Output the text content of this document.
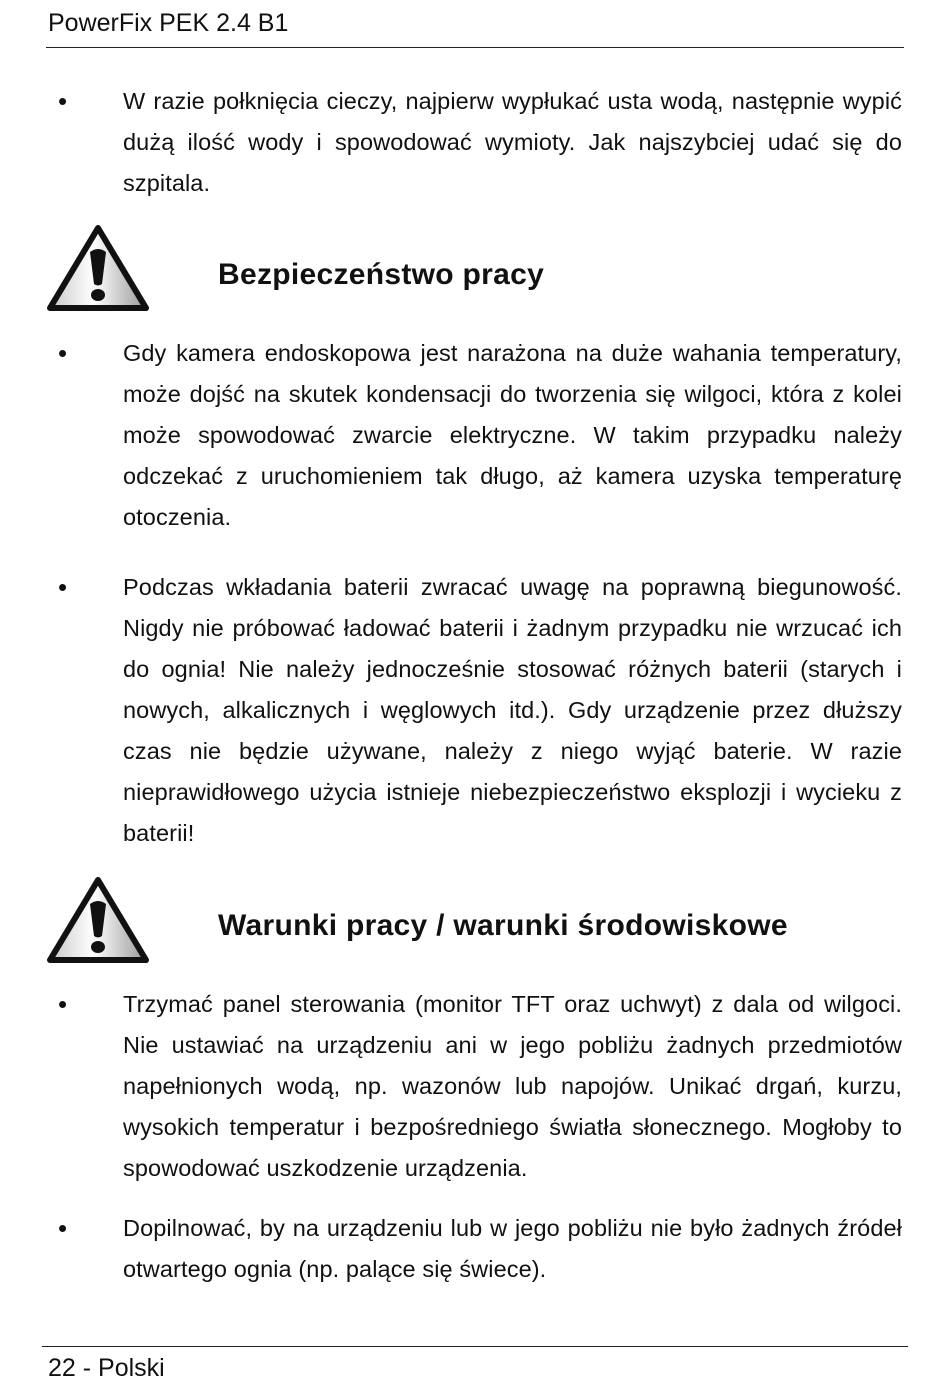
PowerFix PEK 2.4 B1
• W razie połknięcia cieczy, najpierw wypłukać usta wodą, następnie wypić dużą ilość wody i spowodować wymioty. Jak najszybciej udać się do szpitala.
Bezpieczeństwo pracy
• Gdy kamera endoskopowa jest narażona na duże wahania temperatury, może dojść na skutek kondensacji do tworzenia się wilgoci, która z kolei może spowodować zwarcie elektryczne. W takim przypadku należy odczekać z uruchomieniem tak długo, aż kamera uzyska temperaturę otoczenia.
• Podczas wkładania baterii zwracać uwagę na poprawną biegunowość. Nigdy nie próbować ładować baterii i żadnym przypadku nie wrzucać ich do ognia! Nie należy jednocześnie stosować różnych baterii (starych i nowych, alkalicznych i węglowych itd.). Gdy urządzenie przez dłuższy czas nie będzie używane, należy z niego wyjąć baterie. W razie nieprawidłowego użycia istnieje niebezpieczeństwo eksplozji i wycieku z baterii!
Warunki pracy / warunki środowiskowe
• Trzymać panel sterowania (monitor TFT oraz uchwyt) z dala od wilgoci. Nie ustawiać na urządzeniu ani w jego pobliżu żadnych przedmiotów napełnionych wodą, np. wazonów lub napojów. Unikać drgań, kurzu, wysokich temperatur i bezpośredniego światła słonecznego. Mogłoby to spowodować uszkodzenie urządzenia.
• Dopilnować, by na urządzeniu lub w jego pobliżu nie było żadnych źródeł otwartego ognia (np. palące się świece).
22 - Polski
